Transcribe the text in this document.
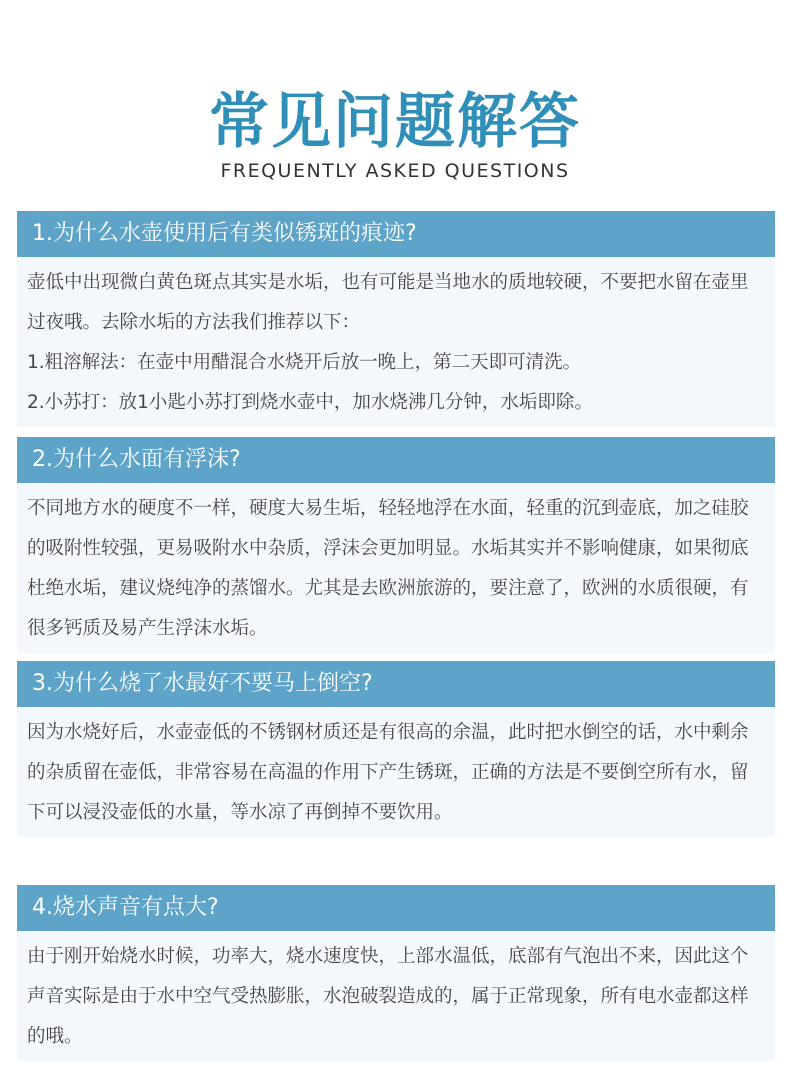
常见问题解答
FREQUENTLY ASKED QUESTIONS
1.为什么水壶使用后有类似锈斑的痕迹?

壶低中出现微白黄色斑点其实是水垢，也有可能是当地水的质地较硬，不要把水留在壶里过夜哦。去除水垢的方法我们推荐以下：

1.粗溶解法：在壶中用醋混合水烧开后放一晚上，第二天即可清洗。

2.小苏打：放1小匙小苏打到烧水壶中，加水烧沸几分钟，水垢即除。

2.为什么水面有浮沫?

不同地方水的硬度不一样，硬度大易生垢，轻轻地浮在水面，轻重的沉到壶底，加之硅胶的吸附性较强，更易吸附水中杂质，浮沫会更加明显。水垢其实并不影响健康，如果彻底杜绝水垢，建议烧纯净的蒸馏水。尤其是去欧洲旅游的，要注意了，欧洲的水质很硬，有很多钙质及易产生浮沫水垢。

3.为什么烧了水最好不要马上倒空?

因为水烧好后，水壶壶低的不锈钢材质还是有很高的余温，此时把水倒空的话，水中剩余的杂质留在壶低，非常容易在高温的作用下产生锈斑，正确的方法是不要倒空所有水，留下可以浸没壶低的水量，等水凉了再倒掉不要饮用。

4.烧水声音有点大?

由于刚开始烧水时候，功率大，烧水速度快，上部水温低，底部有气泡出不来，因此这个声音实际是由于水中空气受热膨胀，水泡破裂造成的，属于正常现象，所有电水壶都这样的哦。
